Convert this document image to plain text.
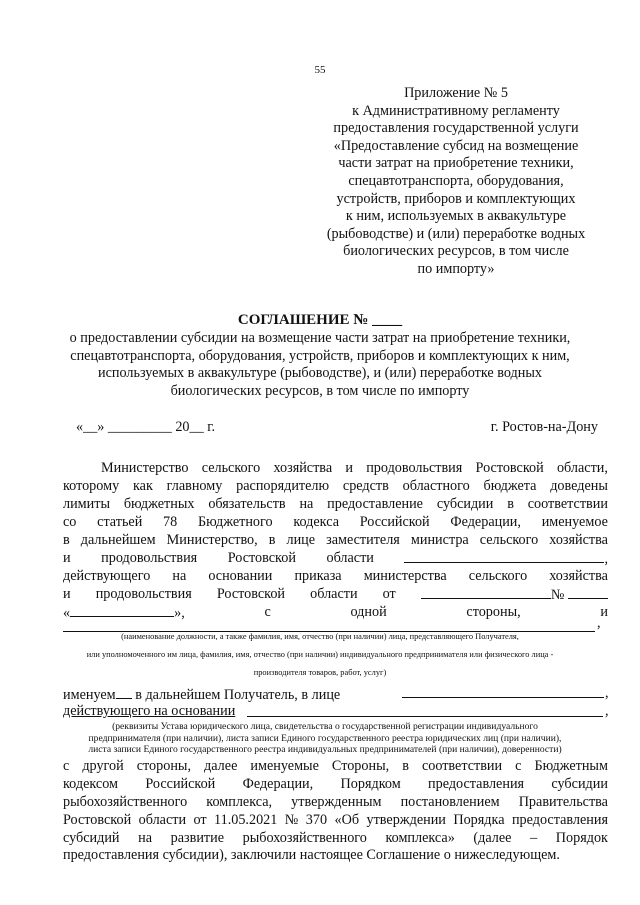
55
Приложение № 5
к Административному регламенту
предоставления государственной услуги
«Предоставление субсид на возмещение
части затрат на приобретение техники,
спецавтотранспорта, оборудования,
устройств, приборов и комплектующих
к ним, используемых в аквакультуре
(рыбоводстве) и (или) переработке водных
биологических ресурсов, в том числе
по импорту»
СОГЛАШЕНИЕ № ____
о предоставлении субсидии на возмещение части затрат на приобретение техники,
спецавтотранспорта, оборудования, устройств, приборов и комплектующих к ним,
используемых в аквакультуре (рыбоводстве), и (или) переработке водных
биологических ресурсов, в том числе по импорту
«__» _________ 20__ г.	г. Ростов-на-Дону
Министерство сельского хозяйства и продовольствия Ростовской области,
которому как главному распорядителю средств областного бюджета доведены
лимиты бюджетных обязательств на предоставление субсидии в соответствии
со статьей 78 Бюджетного кодекса Российской Федерации, именуемое
в дальнейшем Министерство, в лице заместителя министра сельского хозяйства
и продовольствия Ростовской области	,
действующего на основании приказа министерства сельского хозяйства
и продовольствия Ростовской области от	№
«	»,	с	одной	стороны,	и
,
(наименование должности, а также фамилия, имя, отчество (при наличии) лица, представляющего Получателя,
или уполномоченного им лица, фамилия, имя, отчество (при наличии) индивидуального предпринимателя или физического лица -
производителя товаров, работ, услуг)
именуем в дальнейшем Получатель, в лице	,
действующего на основании	,
(реквизиты Устава юридического лица, свидетельства о государственной регистрации индивидуального
предпринимателя (при наличии), листа записи Единого государственного реестра юридических лиц (при наличии),
листа записи Единого государственного реестра индивидуальных предпринимателей (при наличии), доверенности)
с другой стороны, далее именуемые Стороны, в соответствии с Бюджетным
кодексом Российской Федерации, Порядком предоставления субсидии
рыбохозяйственного комплекса, утвержденным постановлением Правительства
Ростовской области от 11.05.2021 № 370 «Об утверждении Порядка предоставления
субсидий на развитие рыбохозяйственного комплекса» (далее – Порядок
предоставления субсидии), заключили настоящее Соглашение о нижеследующем.
